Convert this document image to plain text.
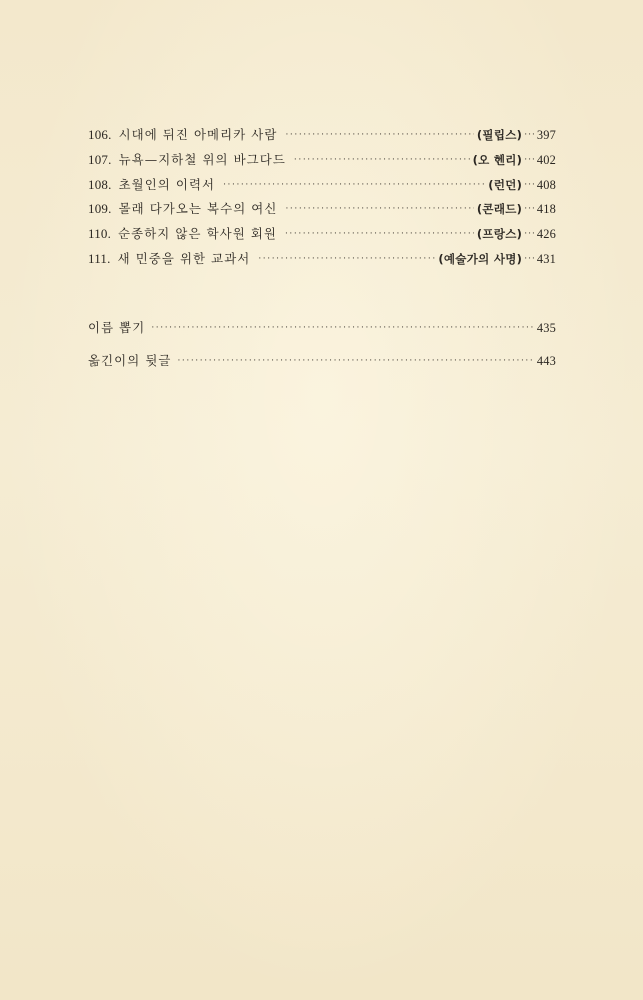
106. 시대에 뒤진 아메리카 사람 ·····	(필립스) ··· 397
107. 뉴욕—지하철 위의 바그다드 ·····	(오 헨리) ··· 402
108. 초월인의 이력서 ·····	(런던) ··· 408
109. 몰래 다가오는 복수의 여신 ·····	(콘래드) ··· 418
110. 순종하지 않은 학사원 회원 ·····	(프랑스) ··· 426
111. 새 민중을 위한 교과서 ·····	(예술가의 사명) ··· 431
이름 뽑기 ·····	435
옮긴이의 뒷글 ·····	443
